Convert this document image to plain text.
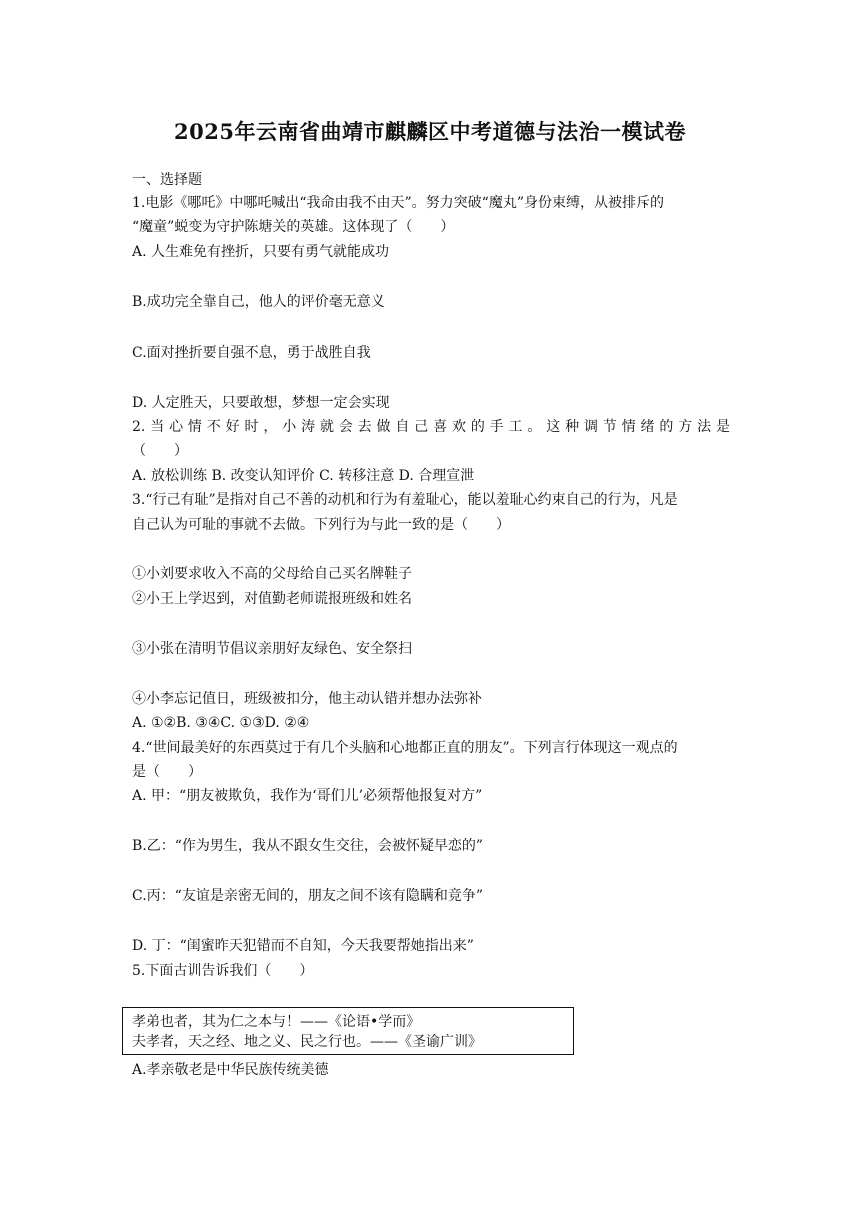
2025年云南省曲靖市麒麟区中考道德与法治一模试卷
一、选择题
1.电影《哪吒》中哪吒喊出“我命由我不由天”。努力突破“魔丸”身份束缚，从被排斥的
“魔童”蜕变为守护陈塘关的英雄。这体现了（　　）
A. 人生难免有挫折，只要有勇气就能成功
B.成功完全靠自己，他人的评价毫无意义
C.面对挫折要自强不息，勇于战胜自我
D. 人定胜天，只要敢想，梦想一定会实现
2.当心情不好时，小涛就会去做自己喜欢的手工。这种调节情绪的方法是
（　　）
A. 放松训练 B. 改变认知评价 C. 转移注意 D. 合理宣泄
3.“行己有耻”是指对自己不善的动机和行为有羞耻心，能以羞耻心约束自己的行为，凡是
自己认为可耻的事就不去做。下列行为与此一致的是（　　）
①小刘要求收入不高的父母给自己买名牌鞋子
②小王上学迟到，对值勤老师谎报班级和姓名
③小张在清明节倡议亲朋好友绿色、安全祭扫
④小李忘记值日，班级被扣分，他主动认错并想办法弥补
A. ①②B. ③④C. ①③D. ②④
4.“世间最美好的东西莫过于有几个头脑和心地都正直的朋友”。下列言行体现这一观点的
是（　　）
A. 甲：“朋友被欺负，我作为‘哥们儿’必须帮他报复对方”
B.乙：“作为男生，我从不跟女生交往，会被怀疑早恋的”
C.丙：“友谊是亲密无间的，朋友之间不该有隐瞒和竞争”
D. 丁：“闺蜜昨天犯错而不自知，今天我要帮她指出来”
5.下面古训告诉我们（　　）
孝弟也者，其为仁之本与！——《论语•学而》
夫孝者，天之经、地之义、民之行也。——《圣谕广训》
A.孝亲敬老是中华民族传统美德
